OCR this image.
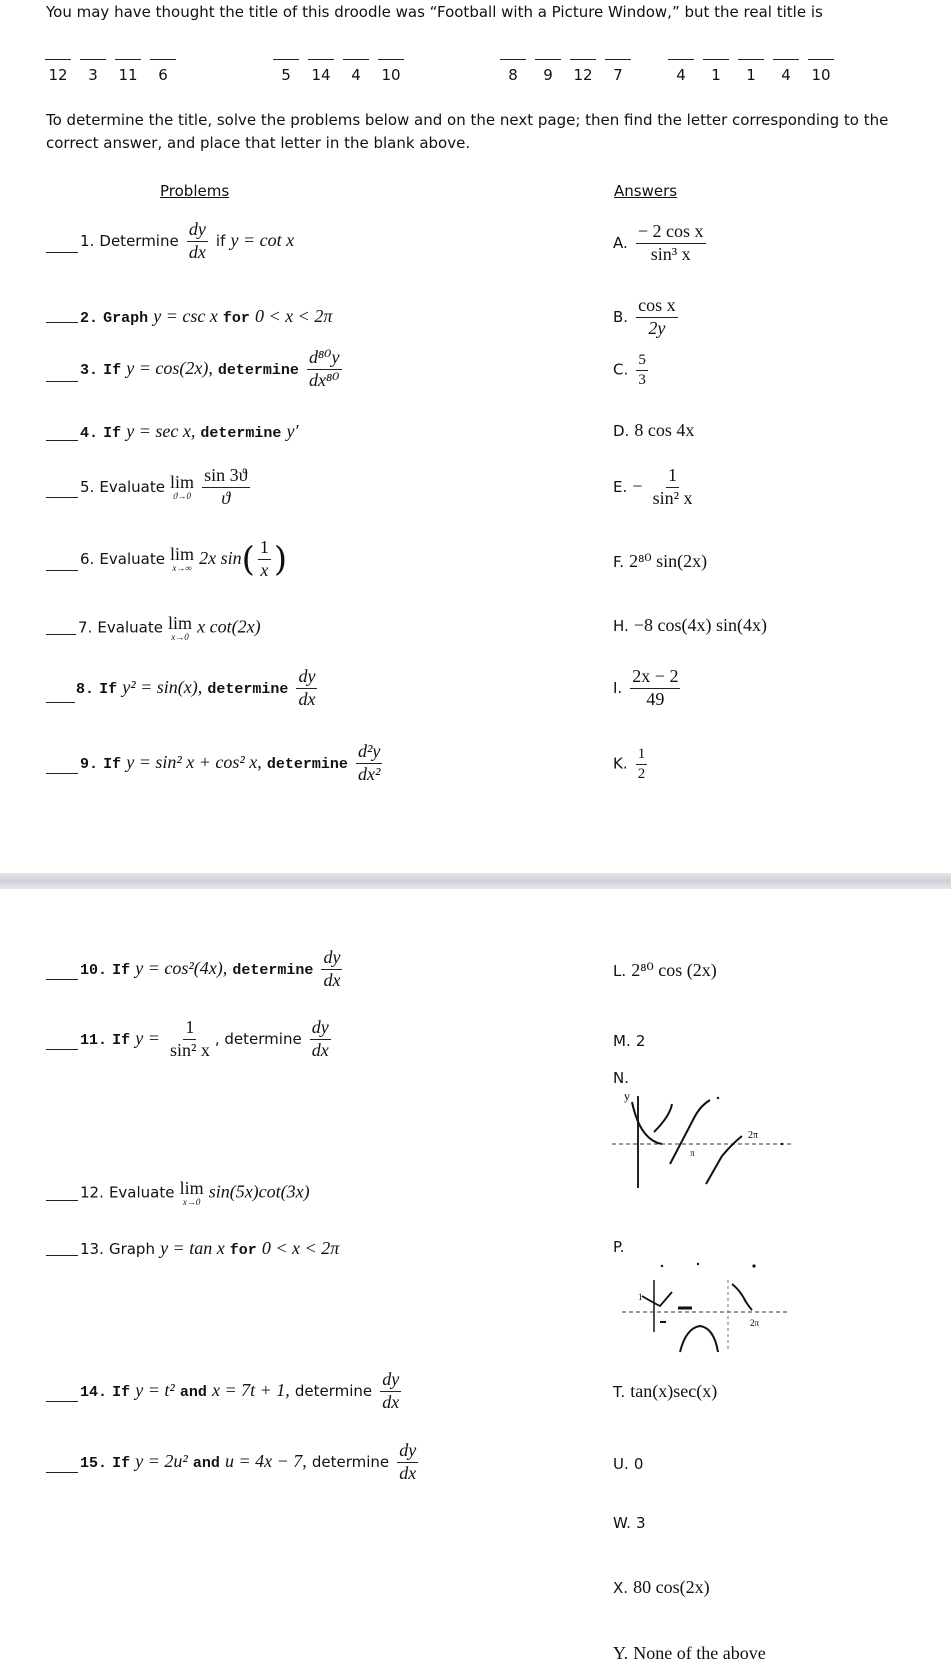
You may have thought the title of this droodle was “Football with a Picture Window,” but the real title is
12	3	11	6	5	14	4	10	8	9	12	7	4	1	1	4	10
To determine the title, solve the problems below and on the next page; then find the letter corresponding to the
correct answer, and place that letter in the blank above.
Problems	Answers
1. Determine $\frac{dy}{dx}$ if y = cot x
2. Graph y = csc x for 0 < x < 2π
3. If y = cos(2x), determine $\frac{\text{d⁸⁰y}}{\text{dx⁸⁰}}$
4. If y = sec x, determine y′
5. Evaluate lim
ϑ→0
$\frac{\sin 3ϑ}{ϑ}$
6. Evaluate lim
x→∞
2x $\sin( \frac{1}{x}$ )
7. Evaluate lim
x→0
x cot(2x)
8. If y² = sin(x), determine $\frac{dy}{dx}$
9. If y = sin² x + cos² x, determine $\frac{\text{d²y}}{\text{dx²}}$
10. If y = cos²(4x), determine $\frac{dy}{dx}$
11. If $y = \frac{1}{\text{sin² x}}$ , determine $\frac{dy}{dx}$
12. Evaluate lim
x→0
sin(5x)cot(3x)
13. Graph y = tan x for 0 < x < 2π
14. If y = t² and x = 7t + 1, determine $\frac{dy}{dx}$
15. If y = 2u² and u = 4x − 7, determine $\frac{dy}{dx}$
A. $\frac{\text{− 2 cos x}}{\text{sin³ x}}$
B. $\frac{\text{cos x}}{2y}$
C. $\frac{5}{3}$
D. 8 cos 4x
E. − $\frac{1}{\text{sin² x}}$
F. 2⁸⁰ sin(2x)
H. −8 cos(4x) sin(4x)
I. $\frac{2x - 2}{49}$
K. $\frac{1}{2}$
L. 2⁸⁰ cos (2x)
M. 2
N.
y
2π
π
P.
1
2π
T. tan(x)sec(x)
U. 0
W. 3
X. 80 cos(2x)
Y. None of the above
